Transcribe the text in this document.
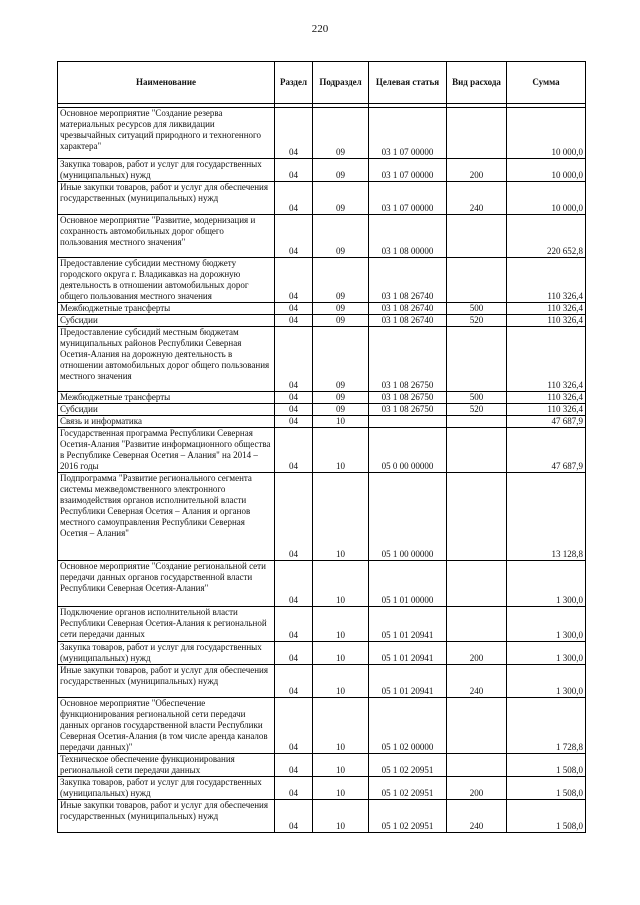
220
Наименование	Раздел	Подраздел	Целевая статья	Вид расхода	Сумма

Основное мероприятие "Создание резерва материальных ресурсов для ликвидации чрезвычайных ситуаций природного и техногенного характера"	04	09	03 1 07 00000		10 000,0
Закупка товаров, работ и услуг для государственных (муниципальных) нужд	04	09	03 1 07 00000	200	10 000,0
Иные закупки товаров, работ и услуг для обеспечения государственных (муниципальных) нужд	04	09	03 1 07 00000	240	10 000,0
Основное мероприятие "Развитие, модернизация и сохранность автомобильных дорог общего пользования местного значения"	04	09	03 1 08 00000		220 652,8
Предоставление субсидии местному бюджету городского округа г. Владикавказ на дорожную деятельность в отношении автомобильных дорог общего пользования местного значения	04	09	03 1 08 26740		110 326,4
Межбюджетные трансферты	04	09	03 1 08 26740	500	110 326,4
Субсидии	04	09	03 1 08 26740	520	110 326,4
Предоставление субсидий местным бюджетам муниципальных районов Республики Северная Осетия-Алания на дорожную деятельность в отношении автомобильных дорог общего пользования местного значения	04	09	03 1 08 26750		110 326,4
Межбюджетные трансферты	04	09	03 1 08 26750	500	110 326,4
Субсидии	04	09	03 1 08 26750	520	110 326,4
Связь и информатика	04	10			47 687,9
Государственная программа Республики Северная Осетия-Алания "Развитие информационного общества в Республике Северная Осетия – Алания" на 2014 – 2016 годы	04	10	05 0 00 00000		47 687,9
Подпрограмма "Развитие регионального сегмента системы межведомственного электронного взаимодействия органов исполнительной власти Республики Северная Осетия – Алания и органов местного самоуправления Республики Северная Осетия – Алания"	04	10	05 1 00 00000		13 128,8
Основное мероприятие "Создание региональной сети передачи данных органов государственной власти Республики Северная Осетия-Алания"	04	10	05 1 01 00000		1 300,0
Подключение органов исполнительной власти Республики Северная Осетия-Алания к региональной сети передачи данных	04	10	05 1 01 20941		1 300,0
Закупка товаров, работ и услуг для государственных (муниципальных) нужд	04	10	05 1 01 20941	200	1 300,0
Иные закупки товаров, работ и услуг для обеспечения государственных (муниципальных) нужд	04	10	05 1 01 20941	240	1 300,0
Основное мероприятие "Обеспечение функционирования региональной сети передачи данных органов государственной власти Республики Северная Осетия-Алания (в том числе аренда каналов передачи данных)"	04	10	05 1 02 00000		1 728,8
Техническое обеспечение функционирования региональной сети передачи данных	04	10	05 1 02 20951		1 508,0
Закупка товаров, работ и услуг для государственных (муниципальных) нужд	04	10	05 1 02 20951	200	1 508,0
Иные закупки товаров, работ и услуг для обеспечения государственных (муниципальных) нужд	04	10	05 1 02 20951	240	1 508,0
